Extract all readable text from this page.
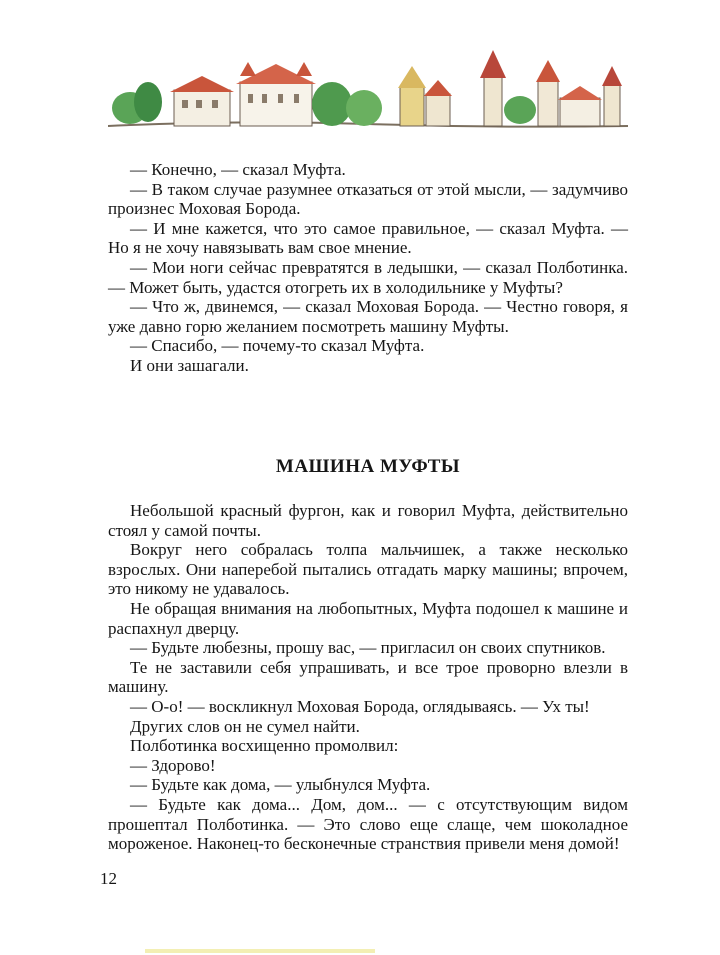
— Конечно, — сказал Муфта.

— В таком случае разумнее отказаться от этой мысли, — задумчиво произнес Моховая Борода.

— И мне кажется, что это самое правильное, — сказал Муфта. — Но я не хочу навязывать вам свое мнение.

— Мои ноги сейчас превратятся в ледышки, — сказал Полботинка. — Может быть, удастся отогреть их в холодильнике у Муфты?

— Что ж, двинемся, — сказал Моховая Борода. — Честно говоря, я уже давно горю желанием посмотреть машину Муфты.

— Спасибо, — почему-то сказал Муфта.

И они зашагали.

МАШИНА МУФТЫ

Небольшой красный фургон, как и говорил Муфта, действительно стоял у самой почты.

Вокруг него собралась толпа мальчишек, а также несколько взрослых. Они наперебой пытались отгадать марку машины; впрочем, это никому не удавалось.

Не обращая внимания на любопытных, Муфта подошел к машине и распахнул дверцу.

— Будьте любезны, прошу вас, — пригласил он своих спутников.

Те не заставили себя упрашивать, и все трое проворно влезли в машину.

— О-о! — воскликнул Моховая Борода, оглядываясь. — Ух ты!

Других слов он не сумел найти.

Полботинка восхищенно промолвил:

— Здорово!

— Будьте как дома, — улыбнулся Муфта.

— Будьте как дома... Дом, дом... — с отсутствующим видом прошептал Полботинка. — Это слово еще слаще, чем шоколадное мороженое. Наконец-то бесконечные странствия привели меня домой!

12
